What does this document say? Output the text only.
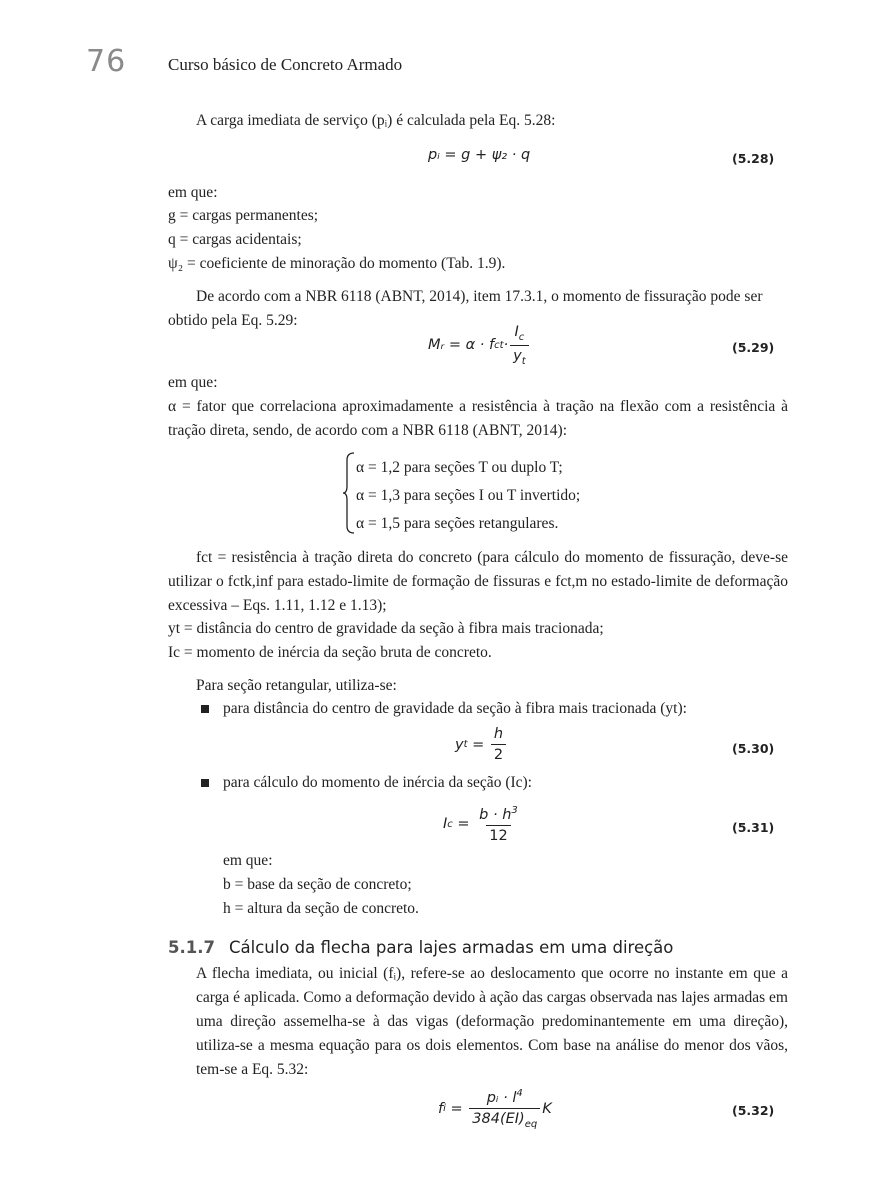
76 Curso básico de Concreto Armado
A carga imediata de serviço (pᵢ) é calculada pela Eq. 5.28:
pᵢ = g + ψ₂ · q	(5.28)
em que:
g = cargas permanentes;
q = cargas acidentais;
ψ₂ = coeficiente de minoração do momento (Tab. 1.9).
De acordo com a NBR 6118 (ABNT, 2014), item 17.3.1, o momento de fissuração pode ser
obtido pela Eq. 5.29:
Mᵣ = α · f ct · $\frac{I_c}{y_t}$	(5.29)
em que:
α = fator que correlaciona aproximadamente a resistência à tração na flexão com a resistência à tração direta, sendo, de acordo com a NBR 6118 (ABNT, 2014):
α = 1,2 para seções T ou duplo T;
α = 1,3 para seções I ou T invertido;
α = 1,5 para seções retangulares.
fct = resistência à tração direta do concreto (para cálculo do momento de fissuração, deve-se utilizar o fctk,inf para estado-limite de formação de fissuras e fct,m no estado-limite de deformação excessiva – Eqs. 1.11, 1.12 e 1.13);
yt = distância do centro de gravidade da seção à fibra mais tracionada;
Ic = momento de inércia da seção bruta de concreto.
Para seção retangular, utiliza-se:
para distância do centro de gravidade da seção à fibra mais tracionada (yt):
y $t = \frac{h}{2}$	(5.30)
para cálculo do momento de inércia da seção (Ic):
I $c = \frac{b \cdot h^3}{12}$	(5.31)
em que:
b = base da seção de concreto;
h = altura da seção de concreto.
5.1.7 Cálculo da flecha para lajes armadas em uma direção
A flecha imediata, ou inicial (fᵢ), refere-se ao deslocamento que ocorre no instante em que a carga é aplicada. Como a deformação devido à ação das cargas observada nas lajes armadas em uma direção assemelha-se à das vigas (deformação predominantemente em uma direção), utiliza-se a mesma equação para os dois elementos. Com base na análise do menor dos vãos, tem-se a Eq. 5.32:
f $i = \frac{pᵢ \cdot l^4}{384(EI)_{eq}}$ K	(5.32)
